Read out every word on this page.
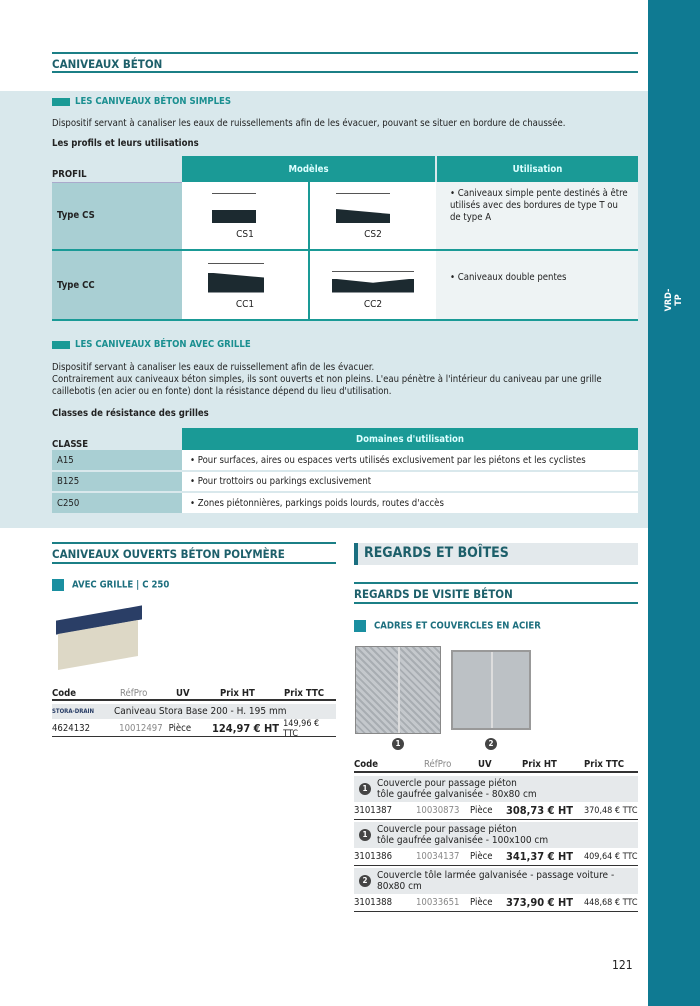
VRD-TP
CANIVEAUX BÉTON
LES CANIVEAUX BÉTON SIMPLES
Dispositif servant à canaliser les eaux de ruissellements afin de les évacuer, pouvant se situer en bordure de chaussée.
Les profils et leurs utilisations
PROFIL	Modèles		Utilisation
Type CS	CS1	CS2	• Caniveaux simple pente destinés à être utilisés avec des bordures de type T ou de type A
Type CC	CC1	CC2	• Caniveaux double pentes
LES CANIVEAUX BÉTON AVEC GRILLE
Dispositif servant à canaliser les eaux de ruissellement afin de les évacuer.
Contrairement aux caniveaux béton simples, ils sont ouverts et non pleins. L'eau pénètre à l'intérieur du caniveau par une grille caillebotis (en acier ou en fonte) dont la résistance dépend du lieu d'utilisation.
Classes de résistance des grilles
CLASSE	Domaines d'utilisation
A15	• Pour surfaces, aires ou espaces verts utilisés exclusivement par les piétons et les cyclistes
B125	• Pour trottoirs ou parkings exclusivement
C250	• Zones piétonnières, parkings poids lourds, routes d'accès
CANIVEAUX OUVERTS BÉTON POLYMÈRE
AVEC GRILLE | C 250
Code	RéfPro	UV	Prix HT	Prix TTC
STORA-DRAIN	Caniveau Stora Base 200 - H. 195 mm
4624132	10012497 Pièce	124,97 € HT 149,96 € TTC
REGARDS ET BOÎTES
REGARDS DE VISITE BÉTON
CADRES ET COUVERCLES EN ACIER
1	2
Code	RéfPro	UV	Prix HT	Prix TTC
1 Couvercle pour passage piéton
tôle gaufrée galvanisée - 80x80 cm
3101387	10030873	Pièce	308,73 € HT	370,48 € TTC
1 Couvercle pour passage piéton
tôle gaufrée galvanisée - 100x100 cm
3101386	10034137	Pièce	341,37 € HT	409,64 € TTC
2 Couvercle tôle larmée galvanisée - passage voiture -
80x80 cm
3101388	10033651	Pièce	373,90 € HT	448,68 € TTC
121
